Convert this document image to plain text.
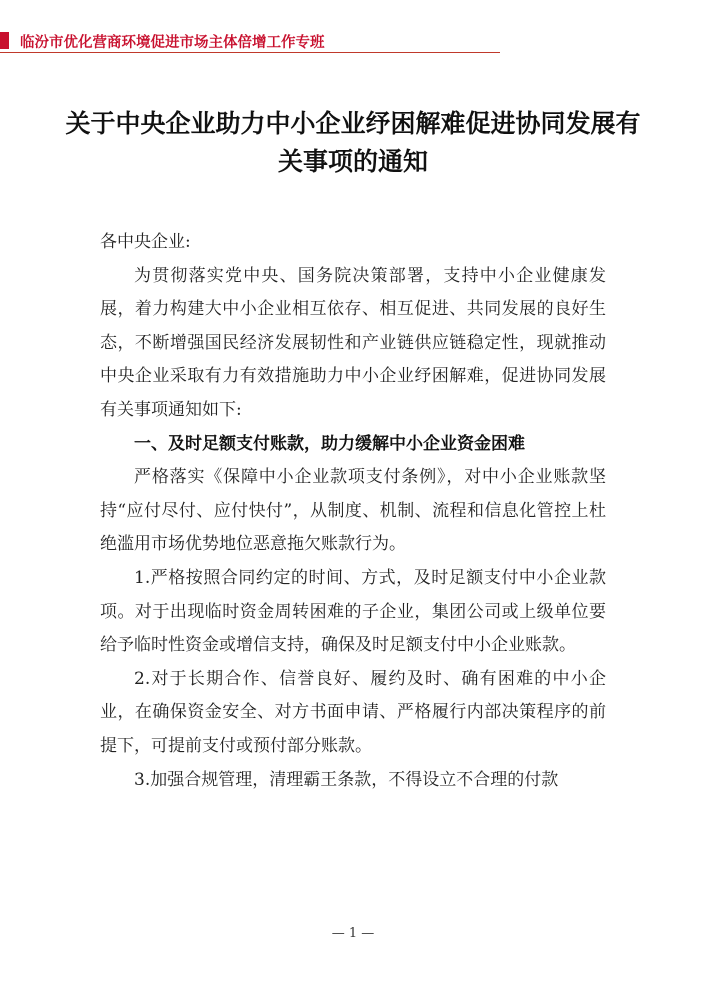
临汾市优化营商环境促进市场主体倍增工作专班
关于中央企业助力中小企业纾困解难促进协同发展有关事项的通知

各中央企业:

为贯彻落实党中央、国务院决策部署，支持中小企业健康发展，着力构建大中小企业相互依存、相互促进、共同发展的良好生态，不断增强国民经济发展韧性和产业链供应链稳定性，现就推动中央企业采取有力有效措施助力中小企业纾困解难，促进协同发展有关事项通知如下:

一、及时足额支付账款，助力缓解中小企业资金困难

严格落实《保障中小企业款项支付条例》，对中小企业账款坚持“应付尽付、应付快付”，从制度、机制、流程和信息化管控上杜绝滥用市场优势地位恶意拖欠账款行为。

1.严格按照合同约定的时间、方式，及时足额支付中小企业款项。对于出现临时资金周转困难的子企业，集团公司或上级单位要给予临时性资金或增信支持，确保及时足额支付中小企业账款。

2.对于长期合作、信誉良好、履约及时、确有困难的中小企业，在确保资金安全、对方书面申请、严格履行内部决策程序的前提下，可提前支付或预付部分账款。

3.加强合规管理，清理霸王条款，不得设立不合理的付款

— 1 —
